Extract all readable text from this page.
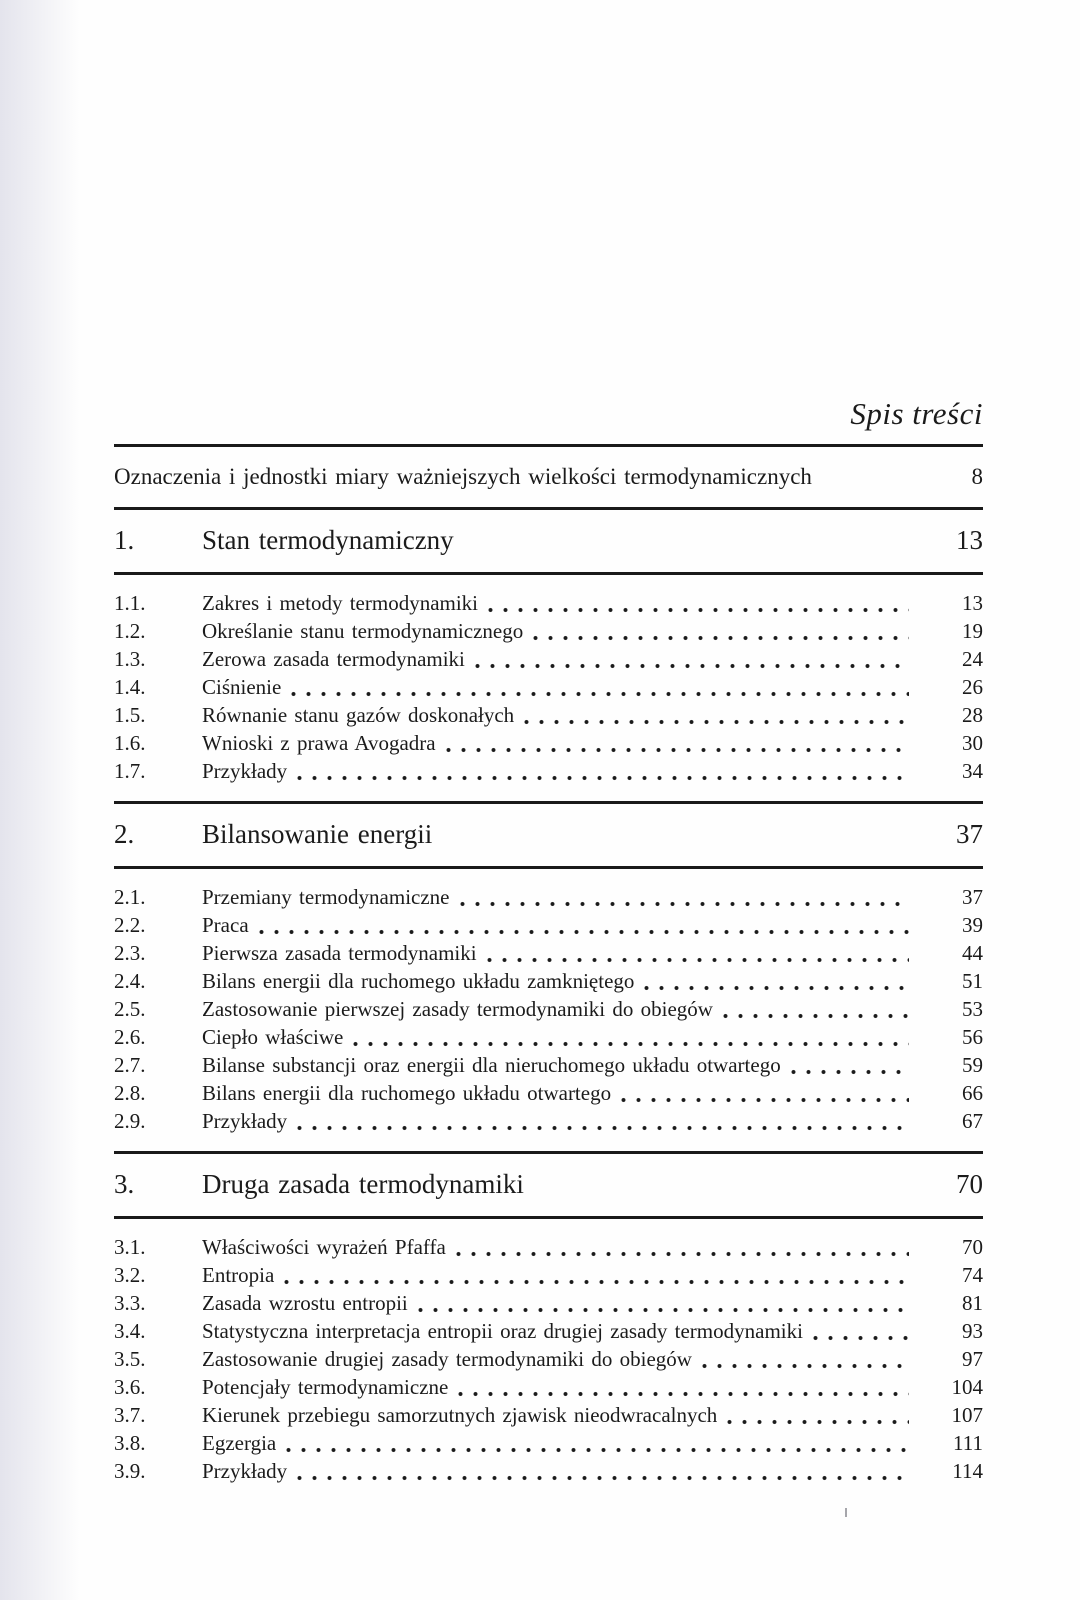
Spis treści
Oznaczenia i jednostki miary ważniejszych wielkości termodynamicznych	8
1.	Stan termodynamiczny	13
1.1.	Zakres i metody termodynamiki	13
1.2.	Określanie stanu termodynamicznego	19
1.3.	Zerowa zasada termodynamiki	24
1.4.	Ciśnienie	26
1.5.	Równanie stanu gazów doskonałych	28
1.6.	Wnioski z prawa Avogadra	30
1.7.	Przykłady	34
2.	Bilansowanie energii	37
2.1.	Przemiany termodynamiczne	37
2.2.	Praca	39
2.3.	Pierwsza zasada termodynamiki	44
2.4.	Bilans energii dla ruchomego układu zamkniętego	51
2.5.	Zastosowanie pierwszej zasady termodynamiki do obiegów	53
2.6.	Ciepło właściwe	56
2.7.	Bilanse substancji oraz energii dla nieruchomego układu otwartego	59
2.8.	Bilans energii dla ruchomego układu otwartego	66
2.9.	Przykłady	67
3.	Druga zasada termodynamiki	70
3.1.	Właściwości wyrażeń Pfaffa	70
3.2.	Entropia	74
3.3.	Zasada wzrostu entropii	81
3.4.	Statystyczna interpretacja entropii oraz drugiej zasady termodynamiki	93
3.5.	Zastosowanie drugiej zasady termodynamiki do obiegów	97
3.6.	Potencjały termodynamiczne	104
3.7.	Kierunek przebiegu samorzutnych zjawisk nieodwracalnych	107
3.8.	Egzergia	111
3.9.	Przykłady	114
